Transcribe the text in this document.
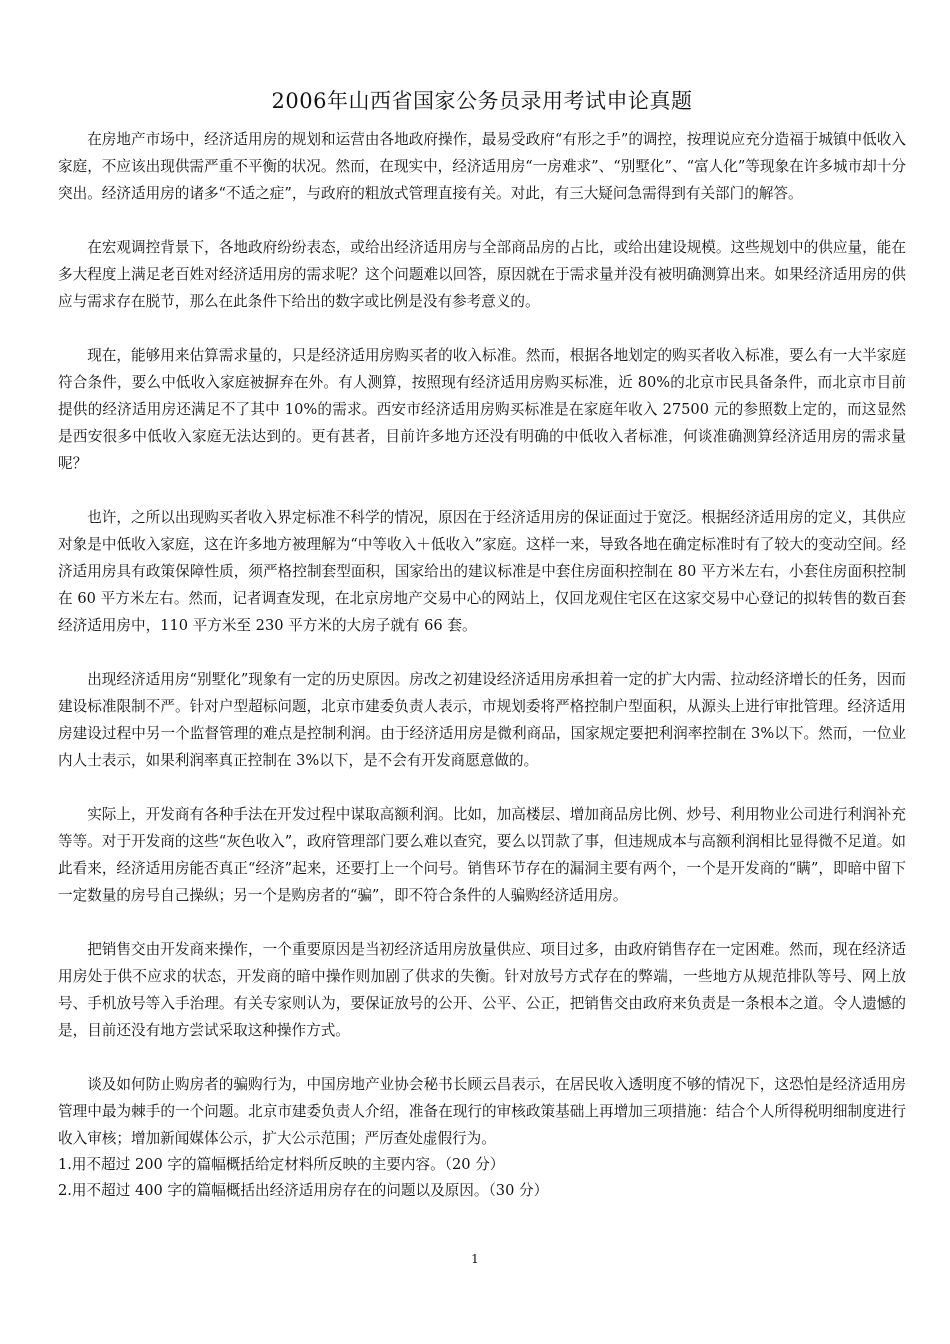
2006年山西省国家公务员录用考试申论真题

在房地产市场中，经济适用房的规划和运营由各地政府操作，最易受政府“有形之手”的调控，按理说应充分造福于城镇中低收入家庭，不应该出现供需严重不平衡的状况。然而，在现实中，经济适用房“一房难求”、“别墅化”、“富人化”等现象在许多城市却十分突出。经济适用房的诸多“不适之症”，与政府的粗放式管理直接有关。对此，有三大疑问急需得到有关部门的解答。

在宏观调控背景下，各地政府纷纷表态，或给出经济适用房与全部商品房的占比，或给出建设规模。这些规划中的供应量，能在多大程度上满足老百姓对经济适用房的需求呢？这个问题难以回答，原因就在于需求量并没有被明确测算出来。如果经济适用房的供应与需求存在脱节，那么在此条件下给出的数字或比例是没有参考意义的。

现在，能够用来估算需求量的，只是经济适用房购买者的收入标准。然而，根据各地划定的购买者收入标准，要么有一大半家庭符合条件，要么中低收入家庭被摒弃在外。有人测算，按照现有经济适用房购买标准，近 80%的北京市民具备条件，而北京市目前提供的经济适用房还满足不了其中 10%的需求。西安市经济适用房购买标准是在家庭年收入 27500 元的参照数上定的，而这显然是西安很多中低收入家庭无法达到的。更有甚者，目前许多地方还没有明确的中低收入者标准，何谈准确测算经济适用房的需求量呢？

也许，之所以出现购买者收入界定标准不科学的情况，原因在于经济适用房的保证面过于宽泛。根据经济适用房的定义，其供应对象是中低收入家庭，这在许多地方被理解为“中等收入＋低收入”家庭。这样一来，导致各地在确定标准时有了较大的变动空间。经济适用房具有政策保障性质，须严格控制套型面积，国家给出的建议标准是中套住房面积控制在 80 平方米左右，小套住房面积控制在 60 平方米左右。然而，记者调查发现，在北京房地产交易中心的网站上，仅回龙观住宅区在这家交易中心登记的拟转售的数百套经济适用房中，110 平方米至 230 平方米的大房子就有 66 套。

出现经济适用房“别墅化”现象有一定的历史原因。房改之初建设经济适用房承担着一定的扩大内需、拉动经济增长的任务，因而建设标准限制不严。针对户型超标问题，北京市建委负责人表示，市规划委将严格控制户型面积，从源头上进行审批管理。经济适用房建设过程中另一个监督管理的难点是控制利润。由于经济适用房是微利商品，国家规定要把利润率控制在 3%以下。然而，一位业内人士表示，如果利润率真正控制在 3%以下，是不会有开发商愿意做的。

实际上，开发商有各种手法在开发过程中谋取高额利润。比如，加高楼层、增加商品房比例、炒号、利用物业公司进行利润补充等等。对于开发商的这些“灰色收入”，政府管理部门要么难以查究，要么以罚款了事，但违规成本与高额利润相比显得微不足道。如此看来，经济适用房能否真正“经济”起来，还要打上一个问号。销售环节存在的漏洞主要有两个，一个是开发商的“瞒”，即暗中留下一定数量的房号自己操纵；另一个是购房者的“骗”，即不符合条件的人骗购经济适用房。

把销售交由开发商来操作，一个重要原因是当初经济适用房放量供应、项目过多，由政府销售存在一定困难。然而，现在经济适用房处于供不应求的状态，开发商的暗中操作则加剧了供求的失衡。针对放号方式存在的弊端，一些地方从规范排队等号、网上放号、手机放号等入手治理。有关专家则认为，要保证放号的公开、公平、公正，把销售交由政府来负责是一条根本之道。令人遗憾的是，目前还没有地方尝试采取这种操作方式。

谈及如何防止购房者的骗购行为，中国房地产业协会秘书长顾云昌表示，在居民收入透明度不够的情况下，这恐怕是经济适用房管理中最为棘手的一个问题。北京市建委负责人介绍，准备在现行的审核政策基础上再增加三项措施：结合个人所得税明细制度进行收入审核；增加新闻媒体公示，扩大公示范围；严厉查处虚假行为。

1.用不超过 200 字的篇幅概括给定材料所反映的主要内容。（20 分）

2.用不超过 400 字的篇幅概括出经济适用房存在的问题以及原因。（30 分）

1
